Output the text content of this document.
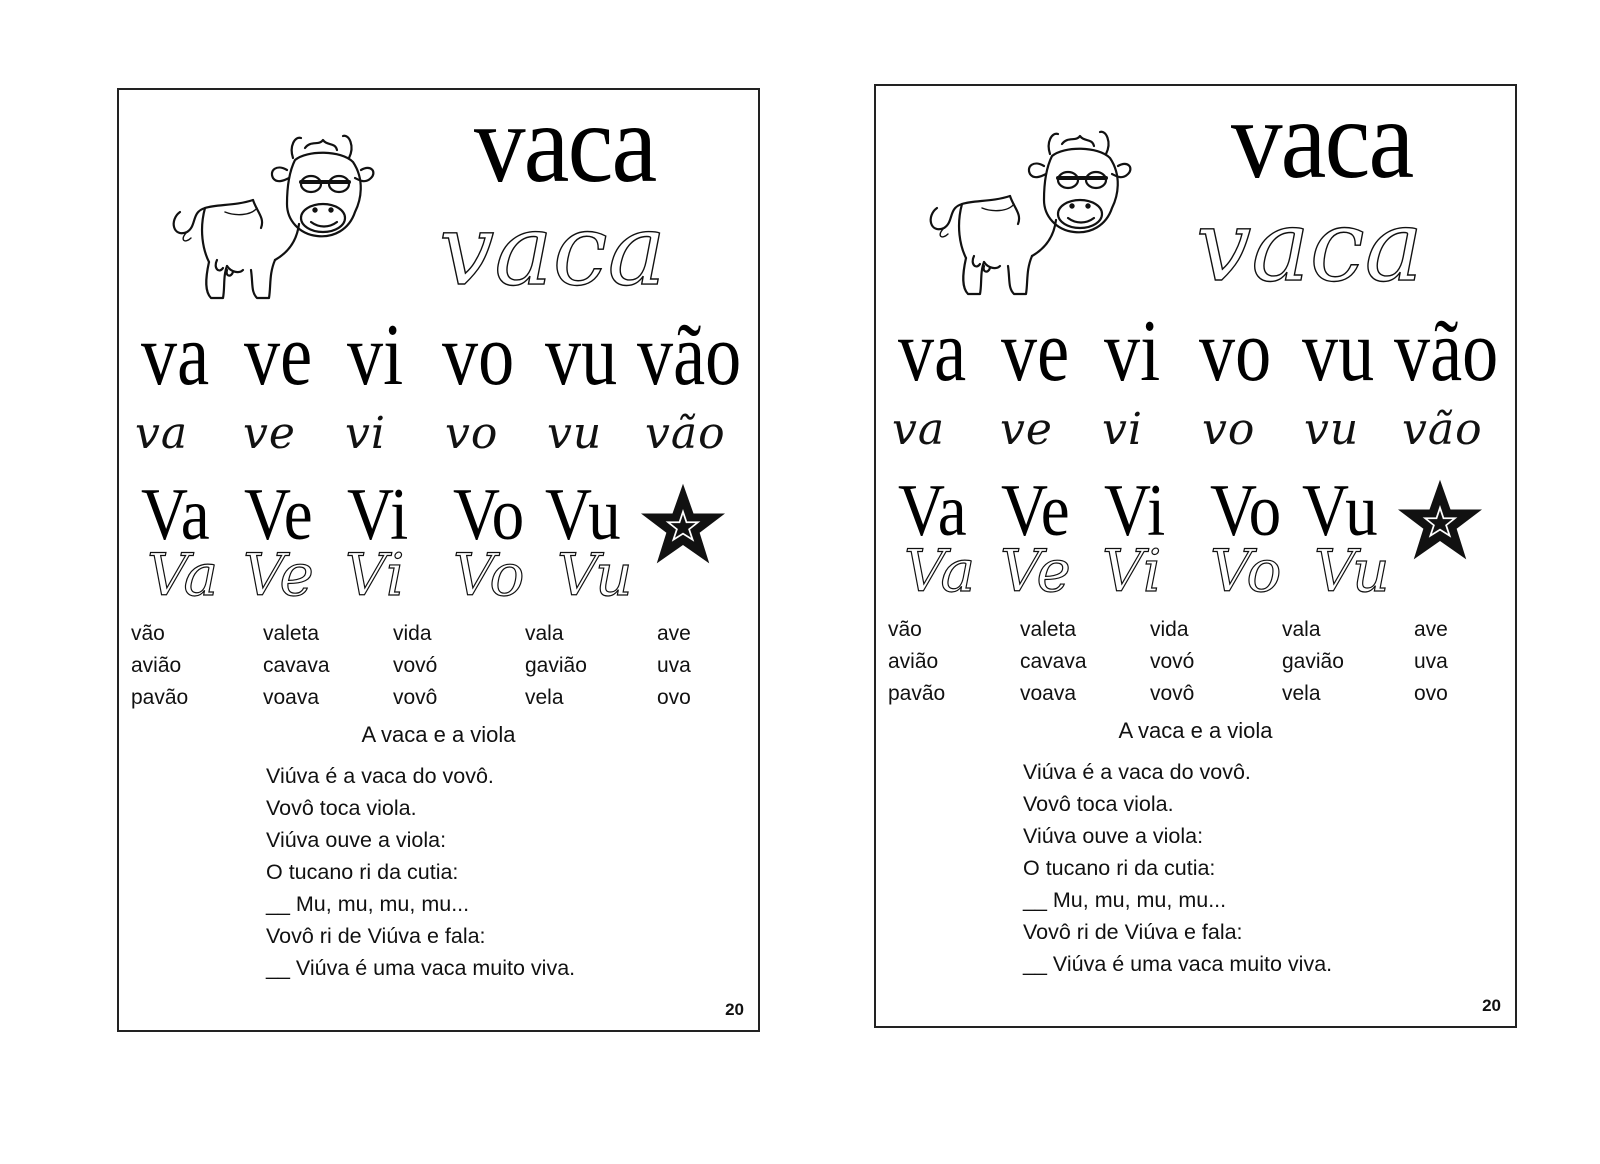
vaca
vaca
va ve vi vo vu vão
va ve vi vo vu vão
Va Ve Vi Vo Vu
Va Ve Vi Vo Vu
vão
avião
pavão
valeta
cavava
voava
vida
vovó
vovô
vala
gavião
vela
ave
uva
ovo
A vaca e a viola
Viúva é a vaca do vovô.
Vovô toca viola.
Viúva ouve a viola:
O tucano ri da cutia:
__ Mu, mu, mu, mu...
Vovô ri de Viúva e fala:
__ Viúva é uma vaca muito viva.
20
vaca
vaca
va ve vi vo vu vão
va ve vi vo vu vão
Va Ve Vi Vo Vu
Va Ve Vi Vo Vu
vão
avião
pavão
valeta
cavava
voava
vida
vovó
vovô
vala
gavião
vela
ave
uva
ovo
A vaca e a viola
Viúva é a vaca do vovô.
Vovô toca viola.
Viúva ouve a viola:
O tucano ri da cutia:
__ Mu, mu, mu, mu...
Vovô ri de Viúva e fala:
__ Viúva é uma vaca muito viva.
20
